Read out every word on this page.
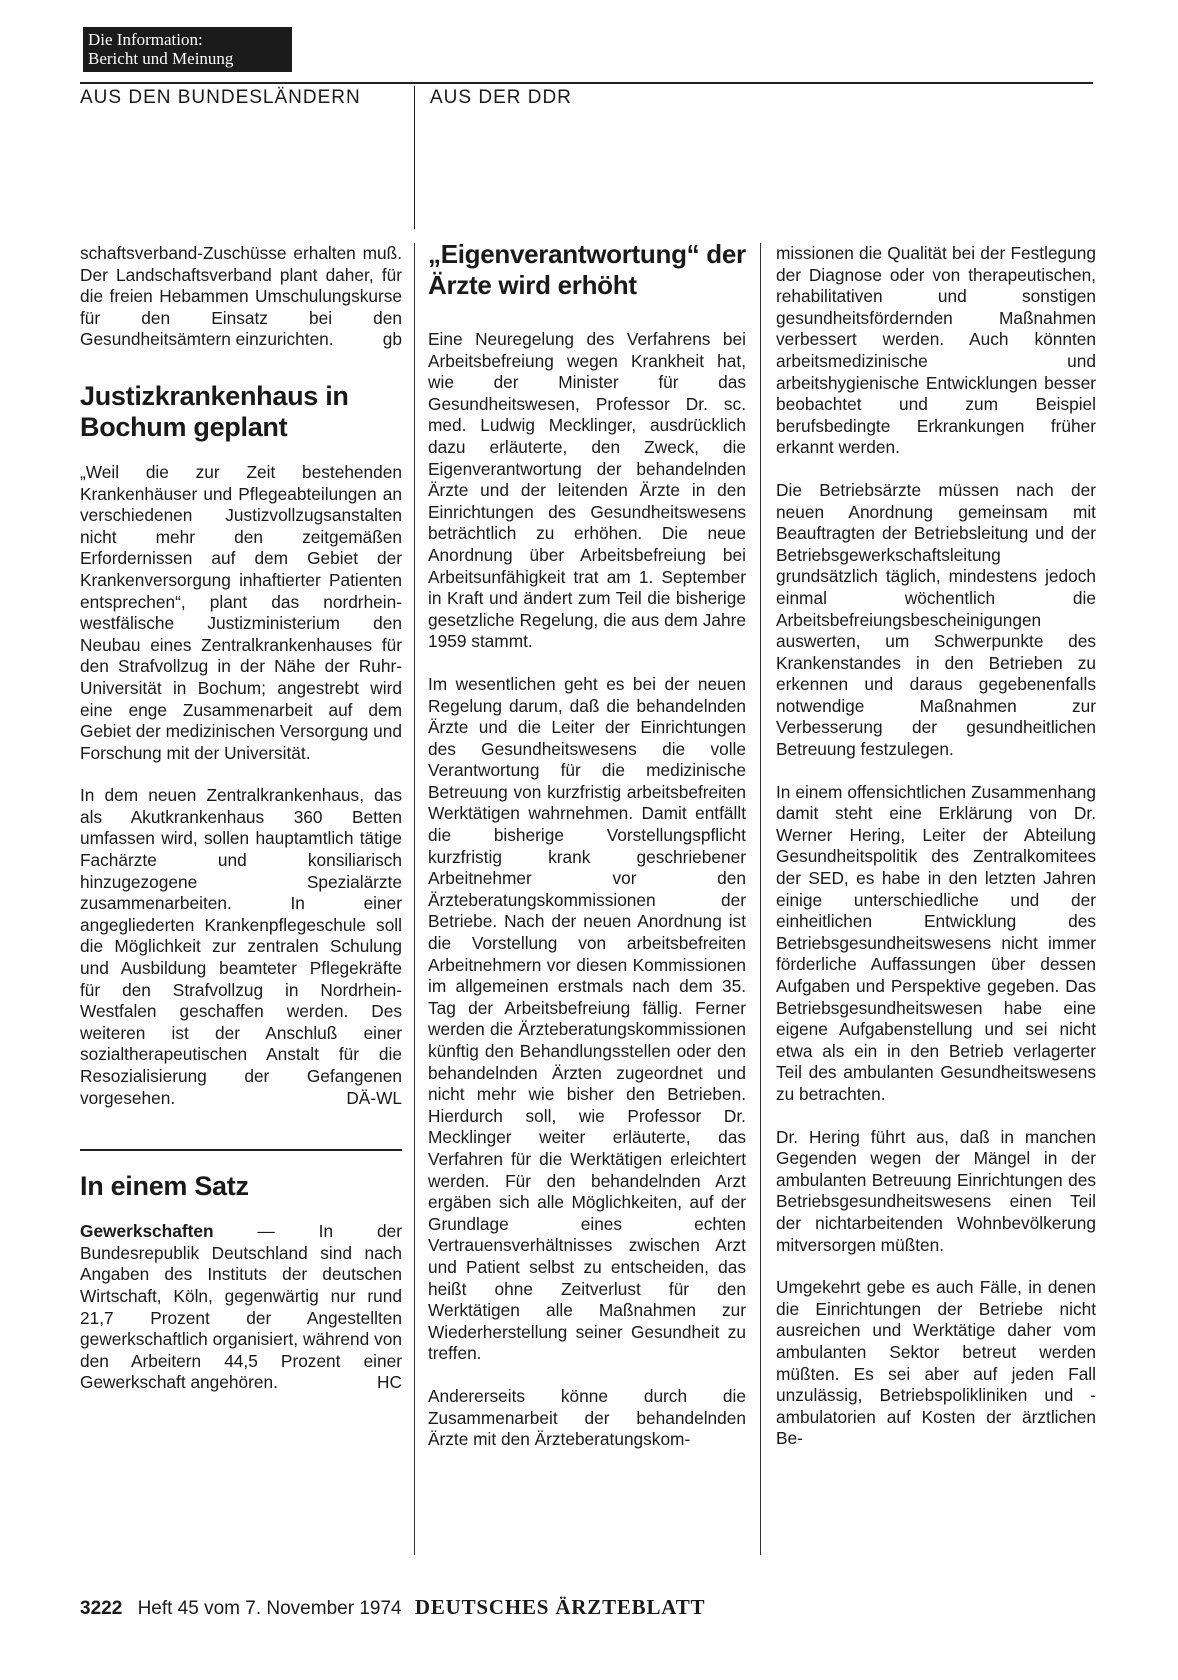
Die Information:
Bericht und Meinung
AUS DEN BUNDESLÄNDERN	AUS DER DDR

schaftsverband-Zuschüsse erhalten muß. Der Landschaftsverband plant daher, für die freien Hebammen Umschulungskurse für den Einsatz bei den Gesundheitsämtern einzurichten.	gb

Justizkrankenhaus in Bochum geplant

„Weil die zur Zeit bestehenden Krankenhäuser und Pflegeabteilungen an verschiedenen Justizvollzugsanstalten nicht mehr den zeitgemäßen Erfordernissen auf dem Gebiet der Krankenversorgung inhaftierter Patienten entsprechen“, plant das nordrhein-westfälische Justizministerium den Neubau eines Zentralkrankenhauses für den Strafvollzug in der Nähe der Ruhr-Universität in Bochum; angestrebt wird eine enge Zusammenarbeit auf dem Gebiet der medizinischen Versorgung und Forschung mit der Universität.

In dem neuen Zentralkrankenhaus, das als Akutkrankenhaus 360 Betten umfassen wird, sollen hauptamtlich tätige Fachärzte und konsiliarisch hinzugezogene Spezialärzte zusammenarbeiten. In einer angegliederten Krankenpflegeschule soll die Möglichkeit zur zentralen Schulung und Ausbildung beamteter Pflegekräfte für den Strafvollzug in Nordrhein-Westfalen geschaffen werden. Des weiteren ist der Anschluß einer sozialtherapeutischen Anstalt für die Resozialisierung der Gefangenen vorgesehen.	DÄ-WL

In einem Satz

Gewerkschaften — In der Bundesrepublik Deutschland sind nach Angaben des Instituts der deutschen Wirtschaft, Köln, gegenwärtig nur rund 21,7 Prozent der Angestellten gewerkschaftlich organisiert, während von den Arbeitern 44,5 Prozent einer Gewerkschaft angehören.	HC

„Eigenverantwortung“ der Ärzte wird erhöht

Eine Neuregelung des Verfahrens bei Arbeitsbefreiung wegen Krankheit hat, wie der Minister für das Gesundheitswesen, Professor Dr. sc. med. Ludwig Mecklinger, ausdrücklich dazu erläuterte, den Zweck, die Eigenverantwortung der behandelnden Ärzte und der leitenden Ärzte in den Einrichtungen des Gesundheitswesens beträchtlich zu erhöhen. Die neue Anordnung über Arbeitsbefreiung bei Arbeitsunfähigkeit trat am 1. September in Kraft und ändert zum Teil die bisherige gesetzliche Regelung, die aus dem Jahre 1959 stammt.

Im wesentlichen geht es bei der neuen Regelung darum, daß die behandelnden Ärzte und die Leiter der Einrichtungen des Gesundheitswesens die volle Verantwortung für die medizinische Betreuung von kurzfristig arbeitsbefreiten Werktätigen wahrnehmen. Damit entfällt die bisherige Vorstellungspflicht kurzfristig krank geschriebener Arbeitnehmer vor den Ärzteberatungskommissionen der Betriebe. Nach der neuen Anordnung ist die Vorstellung von arbeitsbefreiten Arbeitnehmern vor diesen Kommissionen im allgemeinen erstmals nach dem 35. Tag der Arbeitsbefreiung fällig. Ferner werden die Ärzteberatungskommissionen künftig den Behandlungsstellen oder den behandelnden Ärzten zugeordnet und nicht mehr wie bisher den Betrieben. Hierdurch soll, wie Professor Dr. Mecklinger weiter erläuterte, das Verfahren für die Werktätigen erleichtert werden. Für den behandelnden Arzt ergäben sich alle Möglichkeiten, auf der Grundlage eines echten Vertrauensverhältnisses zwischen Arzt und Patient selbst zu entscheiden, das heißt ohne Zeitverlust für den Werktätigen alle Maßnahmen zur Wiederherstellung seiner Gesundheit zu treffen.

Andererseits könne durch die Zusammenarbeit der behandelnden Ärzte mit den Ärzteberatungskom-

missionen die Qualität bei der Festlegung der Diagnose oder von therapeutischen, rehabilitativen und sonstigen gesundheitsfördernden Maßnahmen verbessert werden. Auch könnten arbeitsmedizinische und arbeitshygienische Entwicklungen besser beobachtet und zum Beispiel berufsbedingte Erkrankungen früher erkannt werden.

Die Betriebsärzte müssen nach der neuen Anordnung gemeinsam mit Beauftragten der Betriebsleitung und der Betriebsgewerkschaftsleitung grundsätzlich täglich, mindestens jedoch einmal wöchentlich die Arbeitsbefreiungsbescheinigungen auswerten, um Schwerpunkte des Krankenstandes in den Betrieben zu erkennen und daraus gegebenenfalls notwendige Maßnahmen zur Verbesserung der gesundheitlichen Betreuung festzulegen.

In einem offensichtlichen Zusammenhang damit steht eine Erklärung von Dr. Werner Hering, Leiter der Abteilung Gesundheitspolitik des Zentralkomitees der SED, es habe in den letzten Jahren einige unterschiedliche und der einheitlichen Entwicklung des Betriebsgesundheitswesens nicht immer förderliche Auffassungen über dessen Aufgaben und Perspektive gegeben. Das Betriebsgesundheitswesen habe eine eigene Aufgabenstellung und sei nicht etwa als ein in den Betrieb verlagerter Teil des ambulanten Gesundheitswesens zu betrachten.

Dr. Hering führt aus, daß in manchen Gegenden wegen der Mängel in der ambulanten Betreuung Einrichtungen des Betriebsgesundheitswesens einen Teil der nichtarbeitenden Wohnbevölkerung mitversorgen müßten.

Umgekehrt gebe es auch Fälle, in denen die Einrichtungen der Betriebe nicht ausreichen und Werktätige daher vom ambulanten Sektor betreut werden müßten. Es sei aber auf jeden Fall unzulässig, Betriebspolikliniken und -ambulatorien auf Kosten der ärztlichen Be-

3222 Heft 45 vom 7. November 1974 DEUTSCHES ÄRZTEBLATT
